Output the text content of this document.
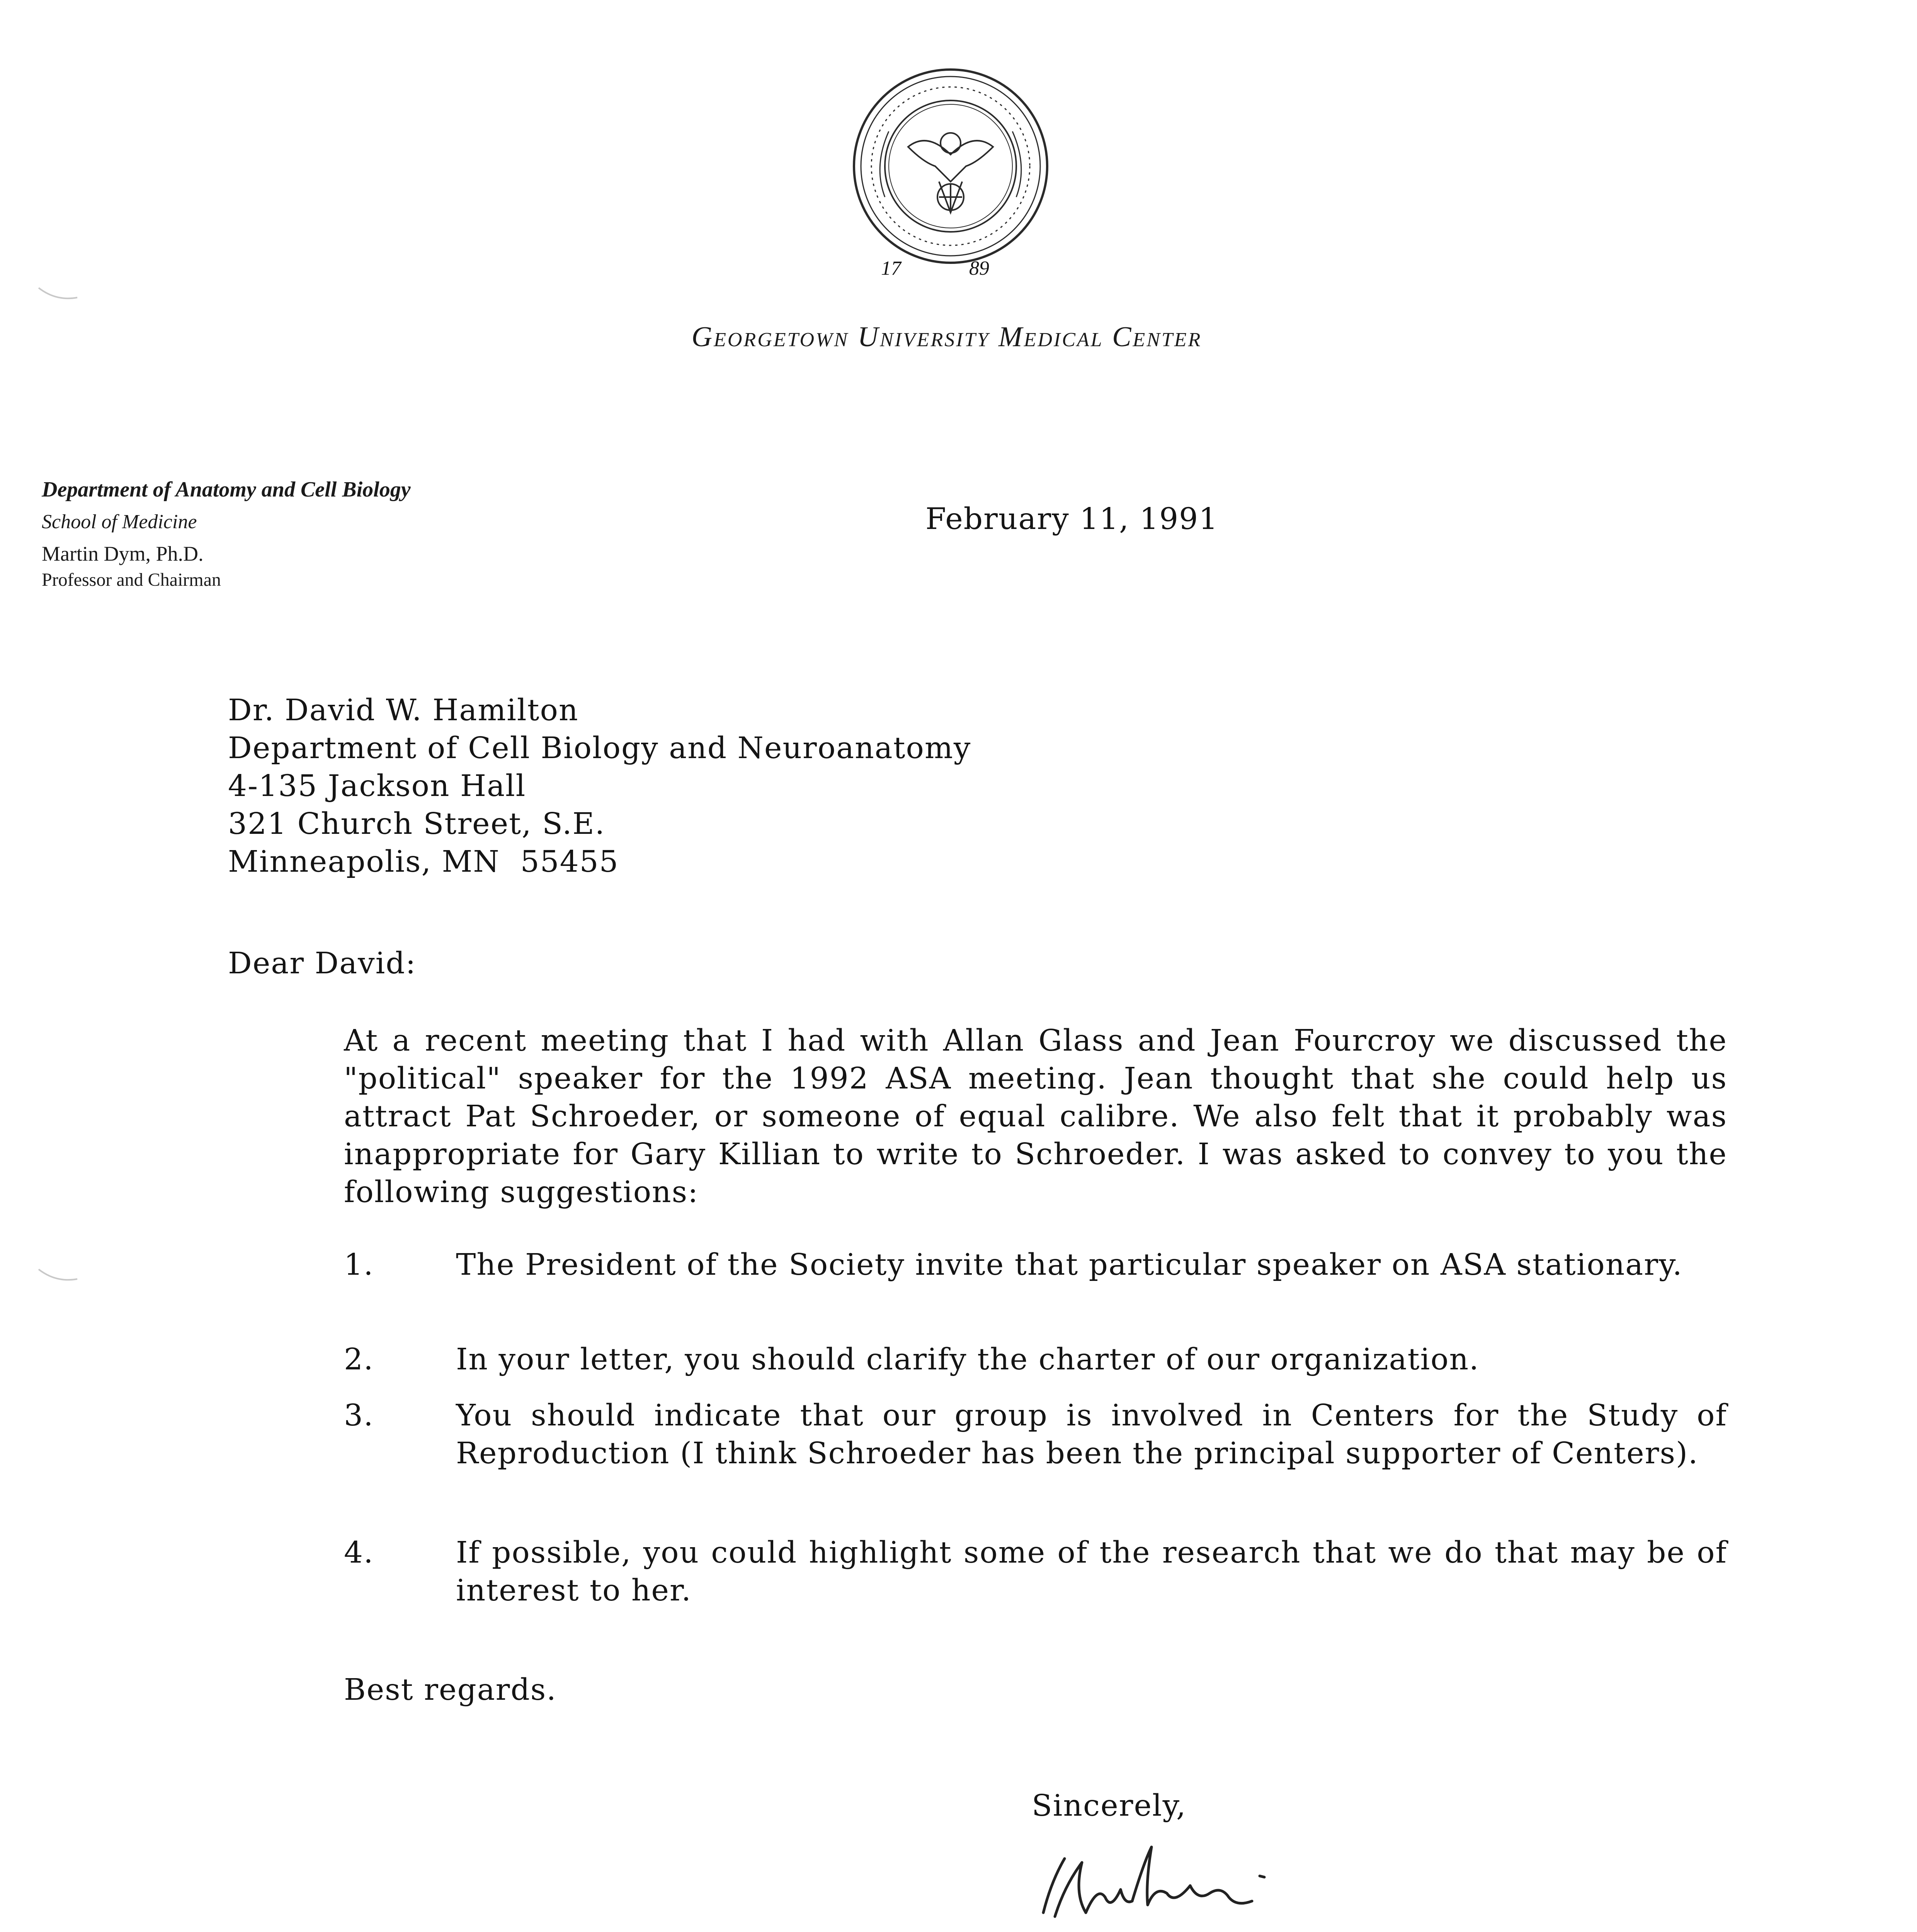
17	89
Georgetown University Medical Center
Department of Anatomy and Cell Biology
School of Medicine
Martin Dym, Ph.D.
Professor and Chairman
February 11, 1991
Dr. David W. Hamilton
Department of Cell Biology and Neuroanatomy
4-135 Jackson Hall
321 Church Street, S.E.
Minneapolis, MN  55455
Dear David:
At a recent meeting that I had with Allan Glass and Jean Fourcroy we discussed the "political" speaker for the 1992 ASA meeting. Jean thought that she could help us attract Pat Schroeder, or someone of equal calibre. We also felt that it probably was inappropriate for Gary Killian to write to Schroeder. I was asked to convey to you the following suggestions:
1.	The President of the Society invite that particular speaker on ASA stationary.
2.	In your letter, you should clarify the charter of our organization.
3.	You should indicate that our group is involved in Centers for the Study of Reproduction (I think Schroeder has been the principal supporter of Centers).
4.	If possible, you could highlight some of the research that we do that may be of interest to her.
Best regards.
Sincerely,
